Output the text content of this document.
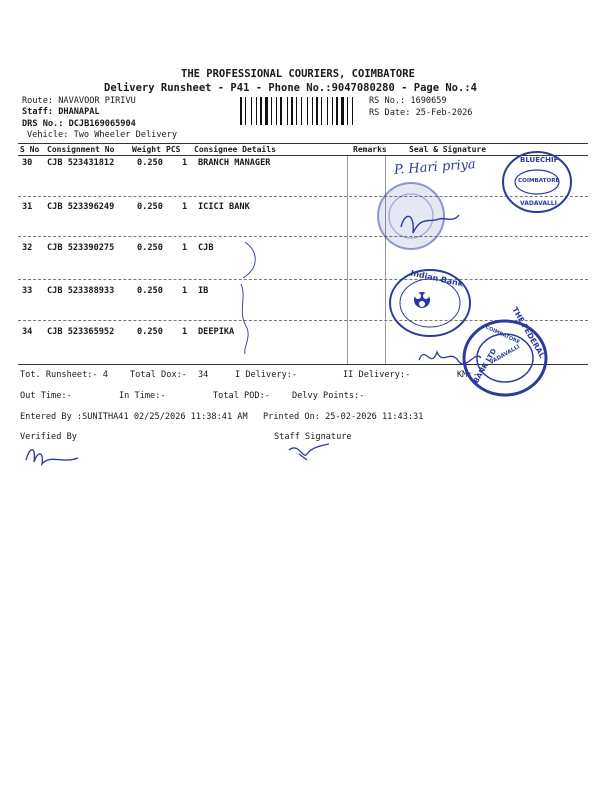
THE PROFESSIONAL COURIERS, COIMBATORE
Delivery Runsheet - P41 - Phone No.:9047080280 - Page No.:4
Route: NAVAVOOR PIRIVU
Staff: DHANAPAL
DRS No.: DCJB169065904
Vehicle: Two Wheeler Delivery
RS No.: 1690659
RS Date: 25-Feb-2026
S No Consignment No Weight PCS Consignee Details	Remarks	Seal & Signature
30 CJB 523431812	0.250 1 BRANCH MANAGER
31 CJB 523396249	0.250 1 ICICI BANK
32 CJB 523390275	0.250 1 CJB
33 CJB 523388933	0.250 1 IB
34 CJB 523365952	0.250 1 DEEPIKA
Tot. Runsheet:- 4	Total Dox:- 34	I Delivery:-	II Delivery:-	KM:-
Out Time:-	In Time:-	Total POD:-	Delvy Points:-
Entered By :SUNITHA41 02/25/2026 11:38:41 AM Printed On: 25-02-2026 11:43:31
Verified By	Staff Signature
P. Hari priya	BLUECHIP
COIMBATORE
VADAVALLI
Indian Bank
THE FEDERAL
BANK LTD
COIMBATORE
VADAVALLI
